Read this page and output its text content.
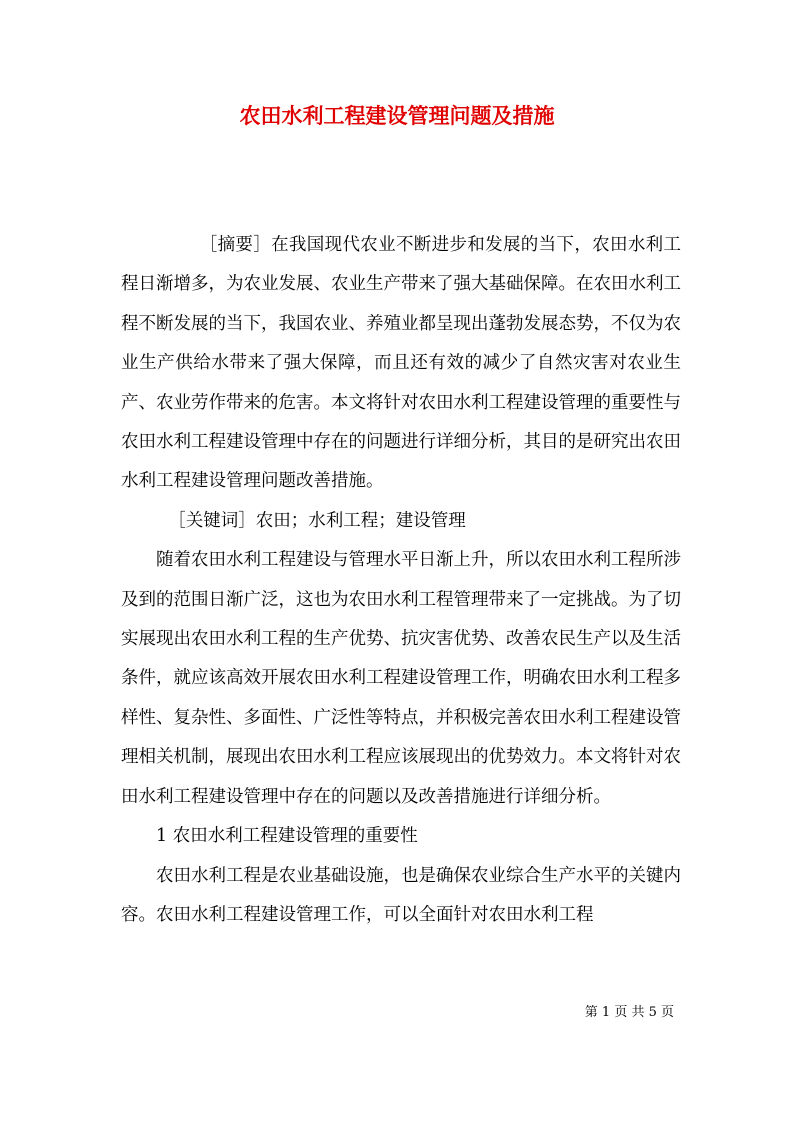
农田水利工程建设管理问题及措施

［摘要］在我国现代农业不断进步和发展的当下，农田水利工程日渐增多，为农业发展、农业生产带来了强大基础保障。在农田水利工程不断发展的当下，我国农业、养殖业都呈现出蓬勃发展态势，不仅为农业生产供给水带来了强大保障，而且还有效的减少了自然灾害对农业生产、农业劳作带来的危害。本文将针对农田水利工程建设管理的重要性与农田水利工程建设管理中存在的问题进行详细分析，其目的是研究出农田水利工程建设管理问题改善措施。

［关键词］农田；水利工程；建设管理

随着农田水利工程建设与管理水平日渐上升，所以农田水利工程所涉及到的范围日渐广泛，这也为农田水利工程管理带来了一定挑战。为了切实展现出农田水利工程的生产优势、抗灾害优势、改善农民生产以及生活条件，就应该高效开展农田水利工程建设管理工作，明确农田水利工程多样性、复杂性、多面性、广泛性等特点，并积极完善农田水利工程建设管理相关机制，展现出农田水利工程应该展现出的优势效力。本文将针对农田水利工程建设管理中存在的问题以及改善措施进行详细分析。

1 农田水利工程建设管理的重要性

农田水利工程是农业基础设施，也是确保农业综合生产水平的关键内容。农田水利工程建设管理工作，可以全面针对农田水利工程

第 1 页 共 5 页
